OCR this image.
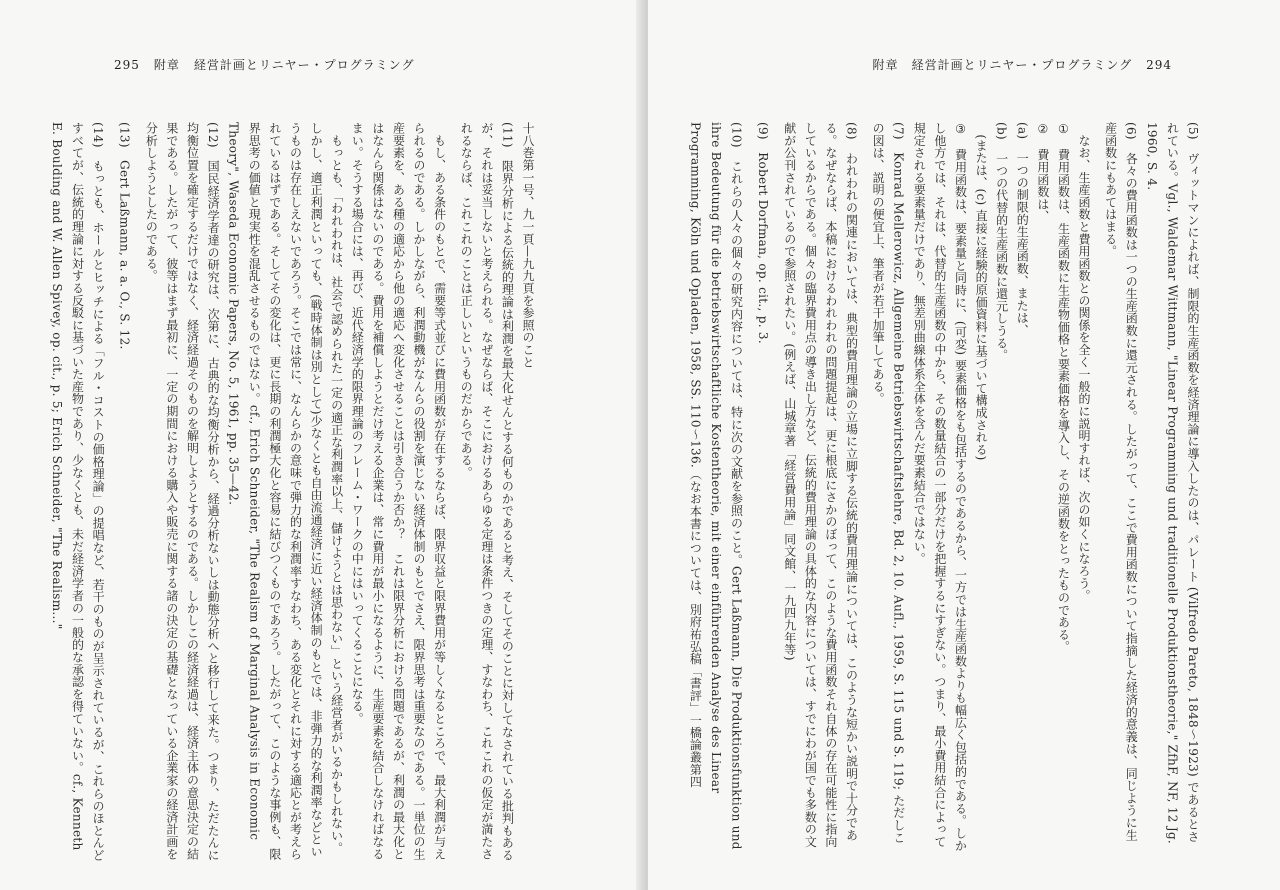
295 附章 経営計画とリニヤー・プログラミング

十八巻第一号、九一頁—九九頁を参照のこと

(11)　限界分析による伝統的理論は利潤を最大化せんとする何ものかであると考え、そしてそのことに対してなされている批判もあるが、それは妥当しないと考えられる。なぜならば、そこにおけるあらゆる定理は条件つきの定理、すなわち、これこれの仮定が満たされるならば、これこれのことは正しいというものだからである。

　もし、ある条件のもとで、需要等式並びに費用函数が存在するならば、限界収益と限界費用が等しくなるところで、最大利潤が与えられるのである。しかしながら、利潤動機がなんらの役割を演じない経済体制のもとでさえ、限界思考は重要なのである。一単位の生産要素を、ある種の適応から他の適応へ変化させることは引き合うか否か？　これは限界分析における問題であるが、利潤の最大化とはなんら関係はないのである。費用を補償しようとだけ考える企業は、常に費用が最小になるように、生産要素を結合しなければなるまい。そうする場合には、再び、近代経済学的限界理論のフレーム・ワークの中にはいってくることになる。

　もっとも、「われわれは、社会で認められた一定の適正な利潤率以上、儲けようとは思わない」という経営者がいるかもしれない。しかし、適正利潤といっても、(戦時体制は別として)少なくとも自由流通経済に近い経済体制のもとでは、非弾力的な利潤率などというものは存在しえないであろう。そこでは常に、なんらかの意味で弾力的な利潤率すなわち、ある変化とそれに対する適応とが考えられているはずである。そしてその変化は、更に長期の利潤極大化と容易に結びつくものであろう。したがって、このような事例も、限界思考の価値と現実性を混乱させるものではない。cf., Erich Schneider, "The Realism of Marginal Analysis in Economic Theory", Waseda Economic Papers, No. 5, 1961, pp. 35—42.

(12)　国民経済学者達の研究は、次第に、古典的な均衡分析から、経過分析ないしは動態分析へと移行して来た。つまり、ただたんに均衡位置を確定するだけではなく、経済経過そのものを解明しようとするのである。しかしこの経済経過は、経済主体の意思決定の結果である。したがって、彼等はまず最初に、一定の期間における購入や販売に関する諸の決定の基礎となっている企業家の経済計画を分析しようとしたのである。

(13)　Gert Laßmann, a. a. O., S. 12.

(14)　もっとも、ホールとヒッチによる「フル・コストの価格理論」の提唱など、若干のものが呈示されているが、これらのほとんどすべてが、伝統的理論に対する反駁に基づいた産物であり、少なくとも、未だ経済学者の一般的な承認を得ていない。cf., Kenneth E. Boulding and W. Allen Spivey, op. cit., p. 5; Erich Schneider, "The Realism..."

附章　 経営計画とリニヤー・プログラミング 294

(5)　ヴィットマンによれば、制限的生産函数を経済理論に導入したのは、パレート (Vilfredo Pareto, 1848～1923) であるとされている。Vgl., Waldemar Wittmann, "Linear Programming und traditionelle Produktionstheorie," ZfhF, NF, 12 Jg. 1960, S. 4.

(6)　各々の費用函数は一つの生産函数に還元される。したがって、ここで費用函数について指摘した経済的意義は、同じように生産函数にもあてはまる。

　なお、生産函数と費用函数との関係を全く一般的に説明すれば、次の如くになろう。

①　費用函数は、生産函数に生産物価格と要素価格を導入し、その逆函数をとったものである。

②　費用函数は、

(a)　一つの制限的生産函数、または、

(b)　一つの代替的生産函数に還元しうる。

　(または、(c) 直接に経験的原価資料に基づいて構成される)

③　費用函数は、要素量と同時に、(可変) 要素価格をも包括するのであるから、一方では生産函数よりも幅広く包括的である。しかし他方では、それは、代替的生産函数の中から、その数量結合の一部分だけを把握するにすぎない。つまり、最小費用結合によって規定される要素量だけであり、無差別曲線体系全体を含んだ要素結合ではない。

(7)　Konrad Mellerowicz, Allgemeine Betriebswirtschaftslehre, Bd. 2, 10. Aufl., 1959, S. 115 und S. 119; ただしこの図は、説明の便宜上、筆者が若干加筆してある。

(8)　われわれの関連においては、典型的費用理論の立場に立脚する伝統的費用理論については、このような短かい説明で十分である。なぜならば、本稿におけるわれわれの問題提起は、更に根底にさかのぼって、このような費用函数それ自体の存在可能性に指向しているからである。個々の臨界費用点の導き出し方など、伝統的費用理論の具体的な内容については、すでにわが国でも多数の文献が公刊されているので参照されたい。(例えば、山城章著「経営費用論」同文館、一九四九年等)

(9)　Robert Dorfman, op. cit., p. 3.

(10)　これらの人々の個々の研究内容については、特に次の文献を参照のこと。Gert Laßmann, Die Produktionsfunktion und ihre Bedeutung für die betriebswirtschaftliche Kostentheorie, mit einer einführenden Analyse des Linear Programming, Köln und Opladen, 1958, SS. 110～136.（なお本書については、別府祐弘稿「書評」一橋論叢第四
